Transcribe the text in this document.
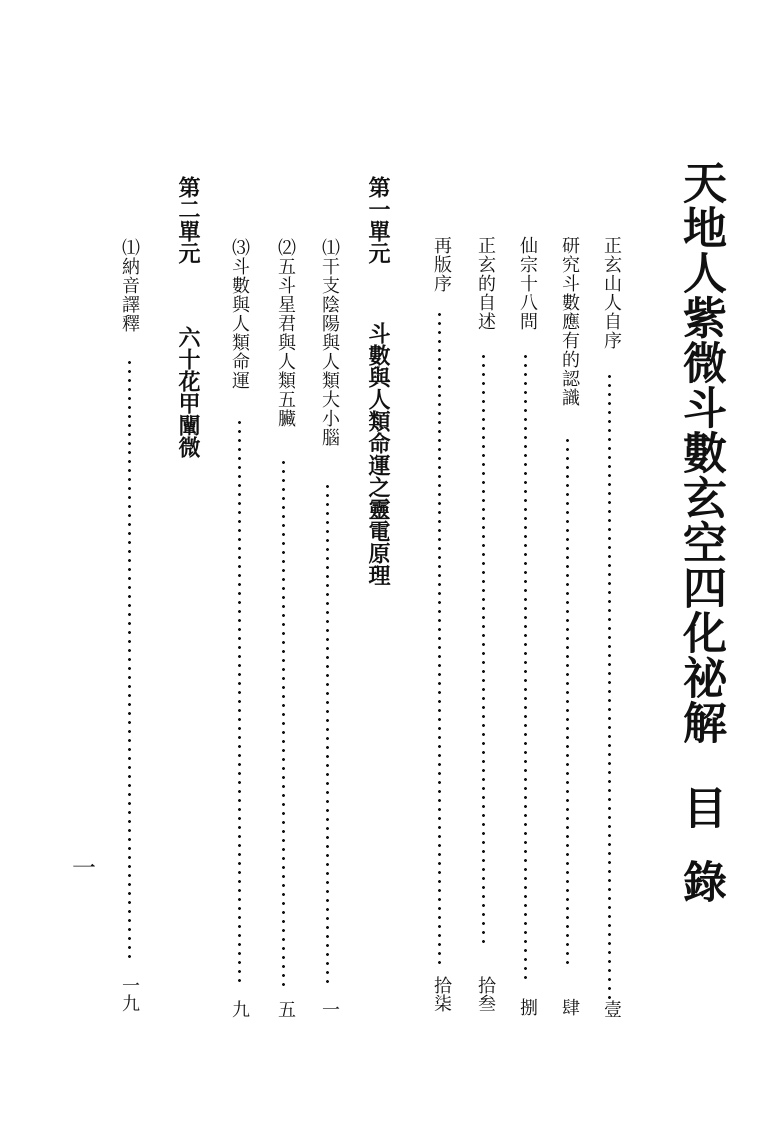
天地人紫微斗數玄空四化祕解目錄
正玄山人自序
壹
研究斗數應有的認識
肆
仙宗十八問
捌
正玄的自述
拾叁
再版序
拾柒
第一單元
斗數與人類命運之靈電原理
⑴干支陰陽與人類大小腦
一
⑵五斗星君與人類五臟
五
⑶斗數與人類命運
九
第二單元
六十花甲闡微
⑴納音譯釋
一九
一
